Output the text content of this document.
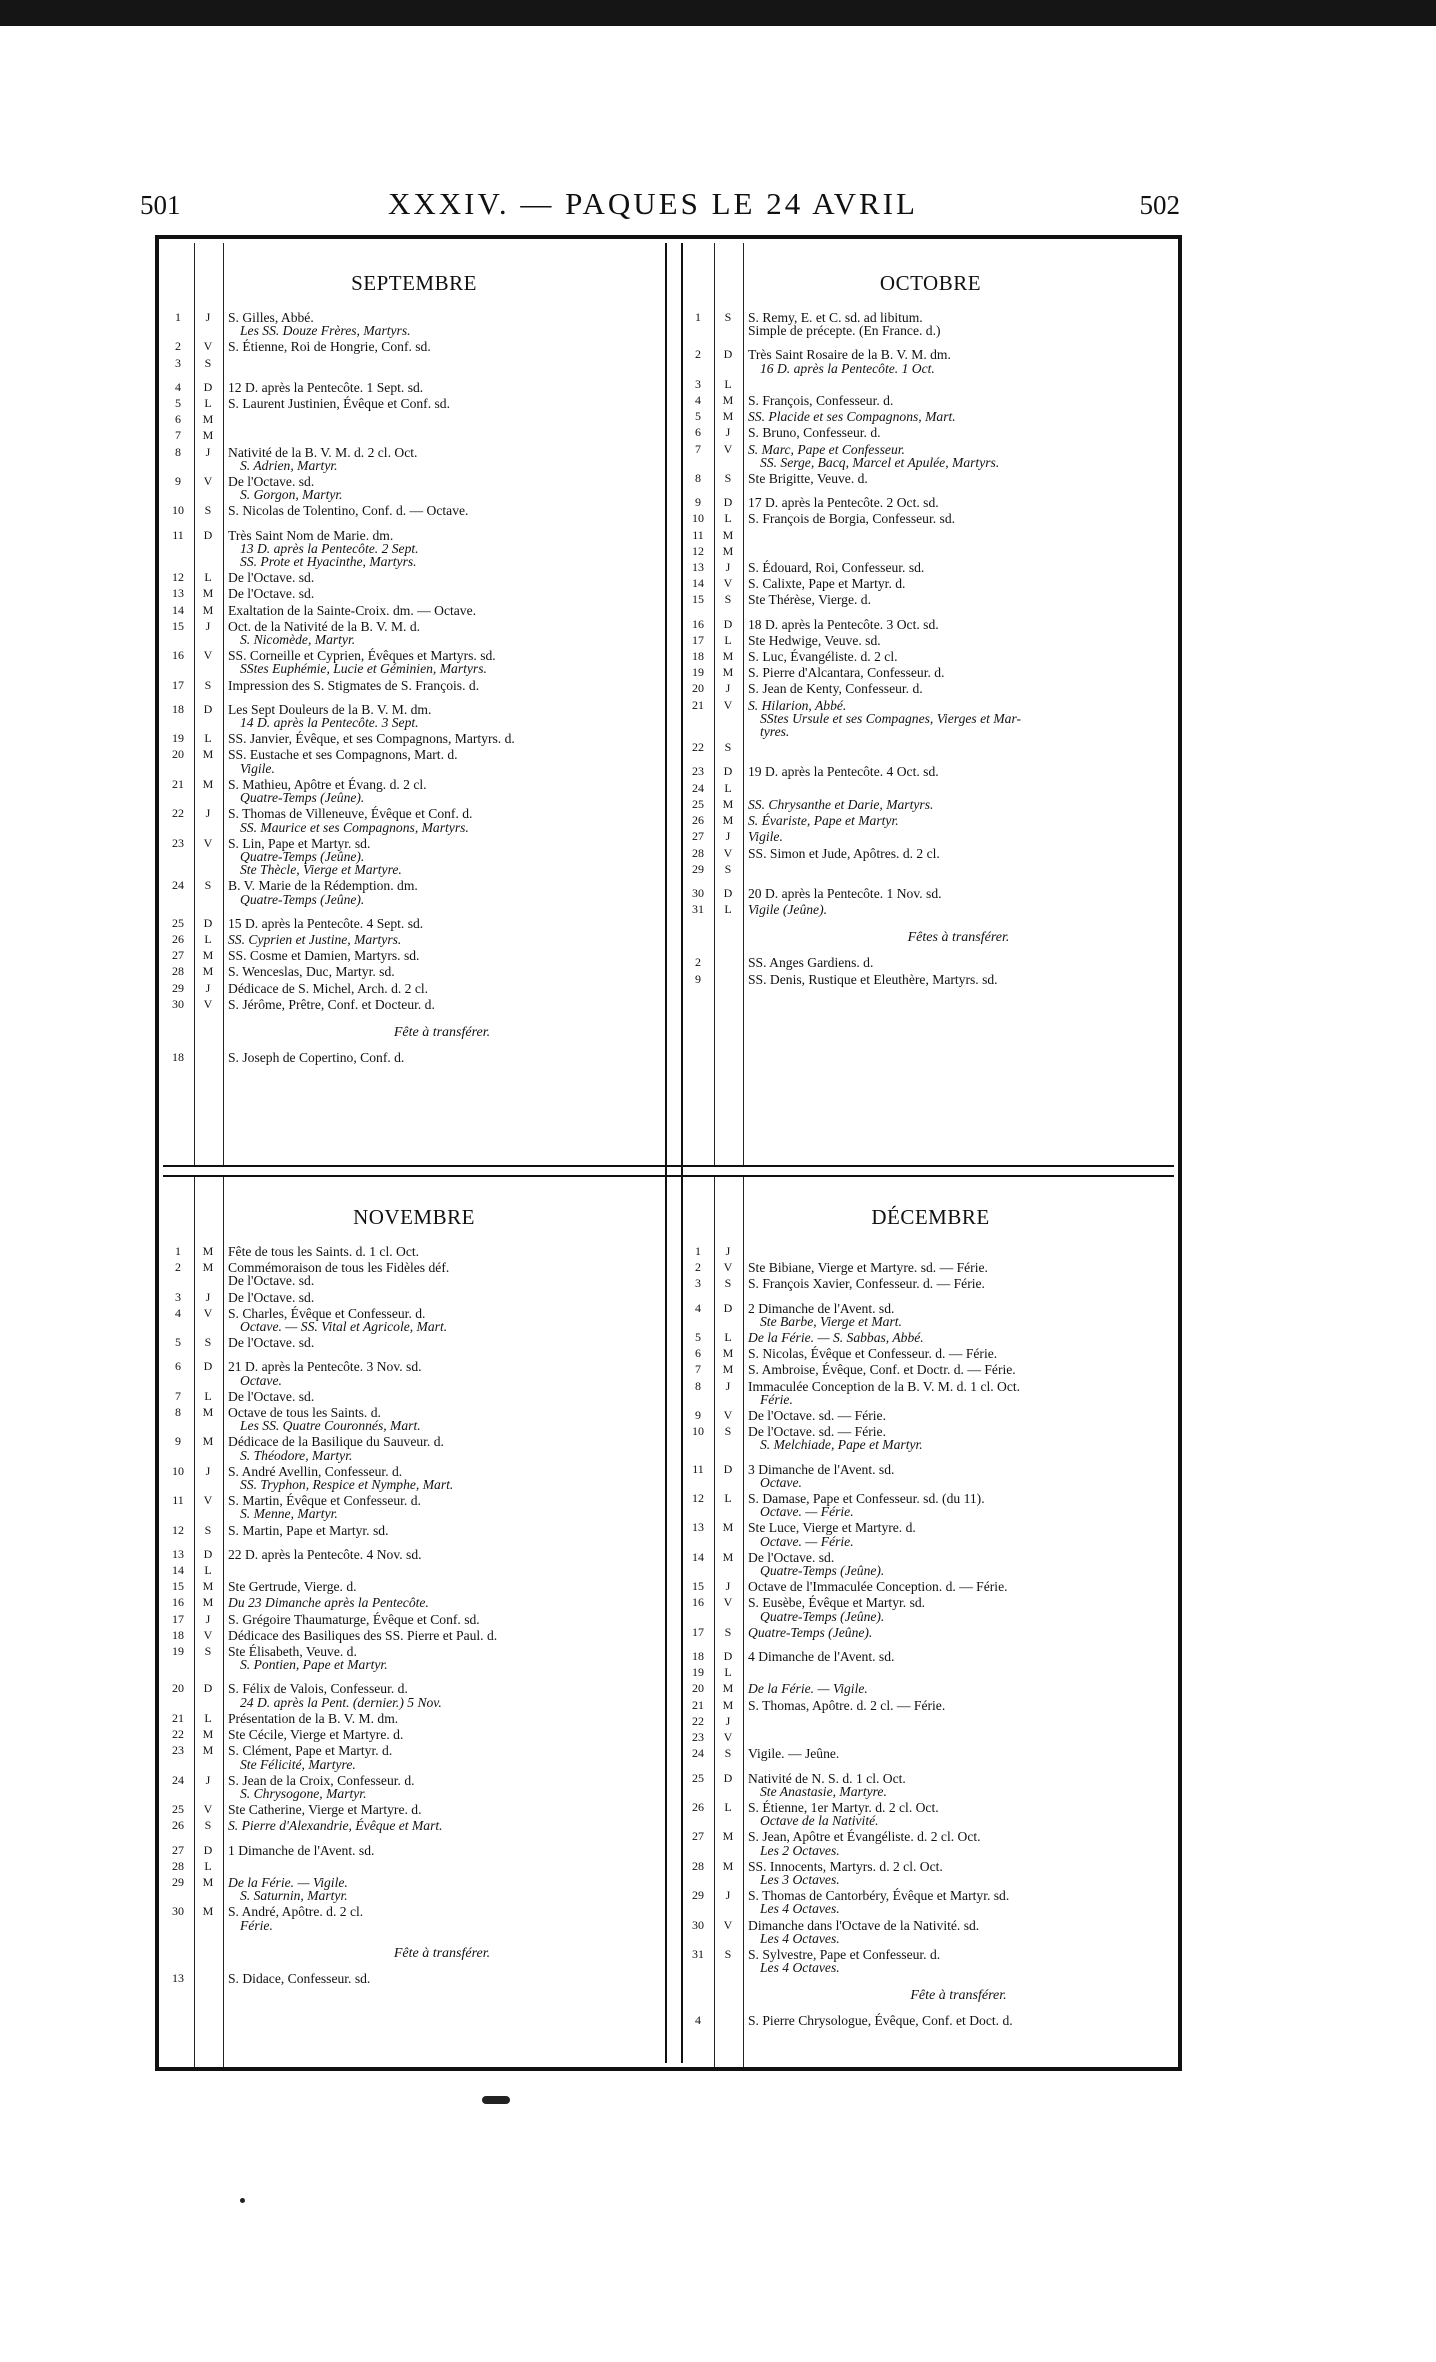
501	XXXIV. — PAQUES LE 24 AVRIL	502
SEPTEMBRE
1	J	S. Gilles, Abbé.
Les SS. Douze Frères, Martyrs.
2	V	S. Étienne, Roi de Hongrie, Conf. sd.
3	S

4	D	12 D. après la Pentecôte. 1 Sept. sd.
5	L	S. Laurent Justinien, Évêque et Conf. sd.
6	M

7	M

8	J	Nativité de la B. V. M. d. 2 cl. Oct.
S. Adrien, Martyr.
9	V	De l'Octave. sd.
S. Gorgon, Martyr.
10	S	S. Nicolas de Tolentino, Conf. d. — Octave.
11	D	Très Saint Nom de Marie. dm.
13 D. après la Pentecôte. 2 Sept.
SS. Prote et Hyacinthe, Martyrs.
12	L	De l'Octave. sd.
13	M	De l'Octave. sd.
14	M	Exaltation de la Sainte-Croix. dm. — Octave.
15	J	Oct. de la Nativité de la B. V. M. d.
S. Nicomède, Martyr.
16	V	SS. Corneille et Cyprien, Évêques et Martyrs. sd.
SStes Euphémie, Lucie et Géminien, Martyrs.
17	S	Impression des S. Stigmates de S. François. d.
18	D	Les Sept Douleurs de la B. V. M. dm.
14 D. après la Pentecôte. 3 Sept.
19	L	SS. Janvier, Évêque, et ses Compagnons, Martyrs. d.
20	M	SS. Eustache et ses Compagnons, Mart. d.
Vigile.
21	M	S. Mathieu, Apôtre et Évang. d. 2 cl.
Quatre-Temps (Jeûne).
22	J	S. Thomas de Villeneuve, Évêque et Conf. d.
SS. Maurice et ses Compagnons, Martyrs.
23	V	S. Lin, Pape et Martyr. sd.
Quatre-Temps (Jeûne).
Ste Thècle, Vierge et Martyre.
24	S	B. V. Marie de la Rédemption. dm.
Quatre-Temps (Jeûne).
25	D	15 D. après la Pentecôte. 4 Sept. sd.
26	L	SS. Cyprien et Justine, Martyrs.
27	M	SS. Cosme et Damien, Martyrs. sd.
28	M	S. Wenceslas, Duc, Martyr. sd.
29	J	Dédicace de S. Michel, Arch. d. 2 cl.
30	V	S. Jérôme, Prêtre, Conf. et Docteur. d.
Fête à transférer.
18	S. Joseph de Copertino, Conf. d.
OCTOBRE
1	S	S. Remy, E. et C. sd. ad libitum.
Simple de précepte. (En France. d.)
2	D	Très Saint Rosaire de la B. V. M. dm.
16 D. après la Pentecôte. 1 Oct.
3	L

4	M	S. François, Confesseur. d.
5	M	SS. Placide et ses Compagnons, Mart.
6	J	S. Bruno, Confesseur. d.
7	V	S. Marc, Pape et Confesseur.
SS. Serge, Bacq, Marcel et Apulée, Martyrs.
8	S	Ste Brigitte, Veuve. d.
9	D	17 D. après la Pentecôte. 2 Oct. sd.
10	L	S. François de Borgia, Confesseur. sd.
11	M

12	M

13	J	S. Édouard, Roi, Confesseur. sd.
14	V	S. Calixte, Pape et Martyr. d.
15	S	Ste Thérèse, Vierge. d.
16	D	18 D. après la Pentecôte. 3 Oct. sd.
17	L	Ste Hedwige, Veuve. sd.
18	M	S. Luc, Évangéliste. d. 2 cl.
19	M	S. Pierre d'Alcantara, Confesseur. d.
20	J	S. Jean de Kenty, Confesseur. d.
21	V	S. Hilarion, Abbé.
SStes Ursule et ses Compagnes, Vierges et Mar-
tyres.
22	S

23	D	19 D. après la Pentecôte. 4 Oct. sd.
24	L

25	M	SS. Chrysanthe et Darie, Martyrs.
26	M	S. Évariste, Pape et Martyr.
27	J	Vigile.
28	V	SS. Simon et Jude, Apôtres. d. 2 cl.
29	S

30	D	20 D. après la Pentecôte. 1 Nov. sd.
31	L	Vigile (Jeûne).
Fêtes à transférer.
2	SS. Anges Gardiens. d.
9	SS. Denis, Rustique et Eleuthère, Martyrs. sd.
NOVEMBRE
1	M	Fête de tous les Saints. d. 1 cl. Oct.
2	M	Commémoraison de tous les Fidèles déf.
De l'Octave. sd.
3	J	De l'Octave. sd.
4	V	S. Charles, Évêque et Confesseur. d.
Octave. — SS. Vital et Agricole, Mart.
5	S	De l'Octave. sd.
6	D	21 D. après la Pentecôte. 3 Nov. sd.
Octave.
7	L	De l'Octave. sd.
8	M	Octave de tous les Saints. d.
Les SS. Quatre Couronnés, Mart.
9	M	Dédicace de la Basilique du Sauveur. d.
S. Théodore, Martyr.
10	J	S. André Avellin, Confesseur. d.
SS. Tryphon, Respice et Nymphe, Mart.
11	V	S. Martin, Évêque et Confesseur. d.
S. Menne, Martyr.
12	S	S. Martin, Pape et Martyr. sd.
13	D	22 D. après la Pentecôte. 4 Nov. sd.
14	L

15	M	Ste Gertrude, Vierge. d.
16	M	Du 23 Dimanche après la Pentecôte.
17	J	S. Grégoire Thaumaturge, Évêque et Conf. sd.
18	V	Dédicace des Basiliques des SS. Pierre et Paul. d.
19	S	Ste Élisabeth, Veuve. d.
S. Pontien, Pape et Martyr.
20	D	S. Félix de Valois, Confesseur. d.
24 D. après la Pent. (dernier.) 5 Nov.
21	L	Présentation de la B. V. M. dm.
22	M	Ste Cécile, Vierge et Martyre. d.
23	M	S. Clément, Pape et Martyr. d.
Ste Félicité, Martyre.
24	J	S. Jean de la Croix, Confesseur. d.
S. Chrysogone, Martyr.
25	V	Ste Catherine, Vierge et Martyre. d.
26	S	S. Pierre d'Alexandrie, Évêque et Mart.
27	D	1 Dimanche de l'Avent. sd.
28	L

29	M	De la Férie. — Vigile.
S. Saturnin, Martyr.
30	M	S. André, Apôtre. d. 2 cl.
Férie.
Fête à transférer.
13	S. Didace, Confesseur. sd.
DÉCEMBRE
1	J

2	V	Ste Bibiane, Vierge et Martyre. sd. — Férie.
3	S	S. François Xavier, Confesseur. d. — Férie.
4	D	2 Dimanche de l'Avent. sd.
Ste Barbe, Vierge et Mart.
5	L	De la Férie. — S. Sabbas, Abbé.
6	M	S. Nicolas, Évêque et Confesseur. d. — Férie.
7	M	S. Ambroise, Évêque, Conf. et Doctr. d. — Férie.
8	J	Immaculée Conception de la B. V. M. d. 1 cl. Oct.
Férie.
9	V	De l'Octave. sd. — Férie.
10	S	De l'Octave. sd. — Férie.
S. Melchiade, Pape et Martyr.
11	D	3 Dimanche de l'Avent. sd.
Octave.
12	L	S. Damase, Pape et Confesseur. sd. (du 11).
Octave. — Férie.
13	M	Ste Luce, Vierge et Martyre. d.
Octave. — Férie.
14	M	De l'Octave. sd.
Quatre-Temps (Jeûne).
15	J	Octave de l'Immaculée Conception. d. — Férie.
16	V	S. Eusèbe, Évêque et Martyr. sd.
Quatre-Temps (Jeûne).
17	S	Quatre-Temps (Jeûne).
18	D	4 Dimanche de l'Avent. sd.
19	L

20	M	De la Férie. — Vigile.
21	M	S. Thomas, Apôtre. d. 2 cl. — Férie.
22	J

23	V

24	S	Vigile. — Jeûne.
25	D	Nativité de N. S. d. 1 cl. Oct.
Ste Anastasie, Martyre.
26	L	S. Étienne, 1er Martyr. d. 2 cl. Oct.
Octave de la Nativité.
27	M	S. Jean, Apôtre et Évangéliste. d. 2 cl. Oct.
Les 2 Octaves.
28	M	SS. Innocents, Martyrs. d. 2 cl. Oct.
Les 3 Octaves.
29	J	S. Thomas de Cantorbéry, Évêque et Martyr. sd.
Les 4 Octaves.
30	V	Dimanche dans l'Octave de la Nativité. sd.
Les 4 Octaves.
31	S	S. Sylvestre, Pape et Confesseur. d.
Les 4 Octaves.
Fête à transférer.
4	S. Pierre Chrysologue, Évêque, Conf. et Doct. d.
